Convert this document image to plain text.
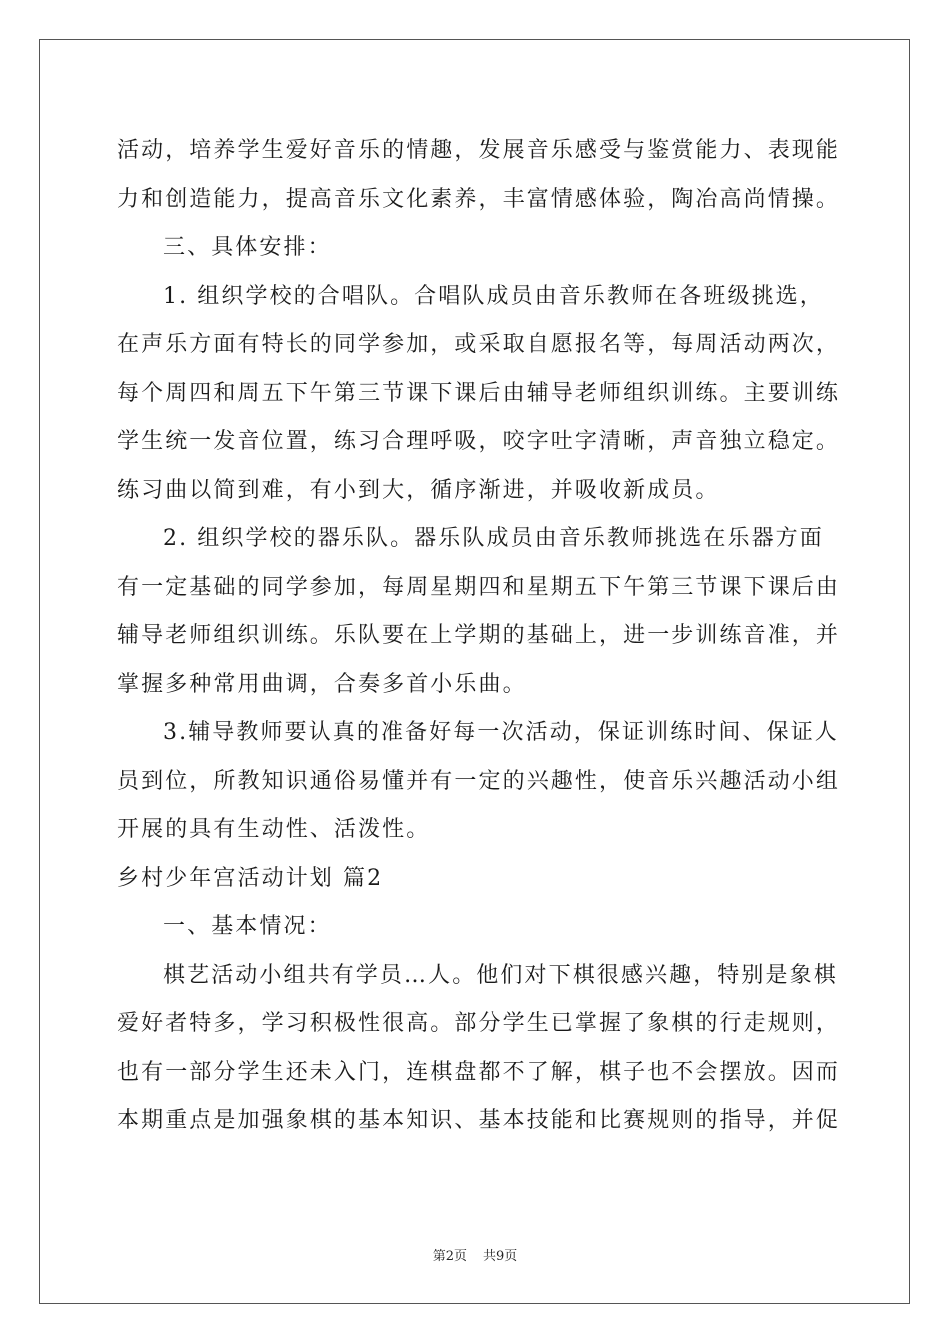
活动，培养学生爱好音乐的情趣，发展音乐感受与鉴赏能力、表现能
力和创造能力，提高音乐文化素养，丰富情感体验，陶冶高尚情操。
三、具体安排：
1. 组织学校的合唱队。合唱队成员由音乐教师在各班级挑选，
在声乐方面有特长的同学参加，或采取自愿报名等，每周活动两次，
每个周四和周五下午第三节课下课后由辅导老师组织训练。主要训练
学生统一发音位置，练习合理呼吸，咬字吐字清晰，声音独立稳定。
练习曲以简到难，有小到大，循序渐进，并吸收新成员。
2. 组织学校的器乐队。器乐队成员由音乐教师挑选在乐器方面
有一定基础的同学参加，每周星期四和星期五下午第三节课下课后由
辅导老师组织训练。乐队要在上学期的基础上，进一步训练音准，并
掌握多种常用曲调，合奏多首小乐曲。
3.辅导教师要认真的准备好每一次活动，保证训练时间、保证人
员到位，所教知识通俗易懂并有一定的兴趣性，使音乐兴趣活动小组
开展的具有生动性、活泼性。
乡村少年宫活动计划 篇2
一、基本情况：
棋艺活动小组共有学员…人。他们对下棋很感兴趣，特别是象棋
爱好者特多，学习积极性很高。部分学生已掌握了象棋的行走规则，
也有一部分学生还未入门，连棋盘都不了解，棋子也不会摆放。因而
本期重点是加强象棋的基本知识、基本技能和比赛规则的指导，并促
第2页 共9页
